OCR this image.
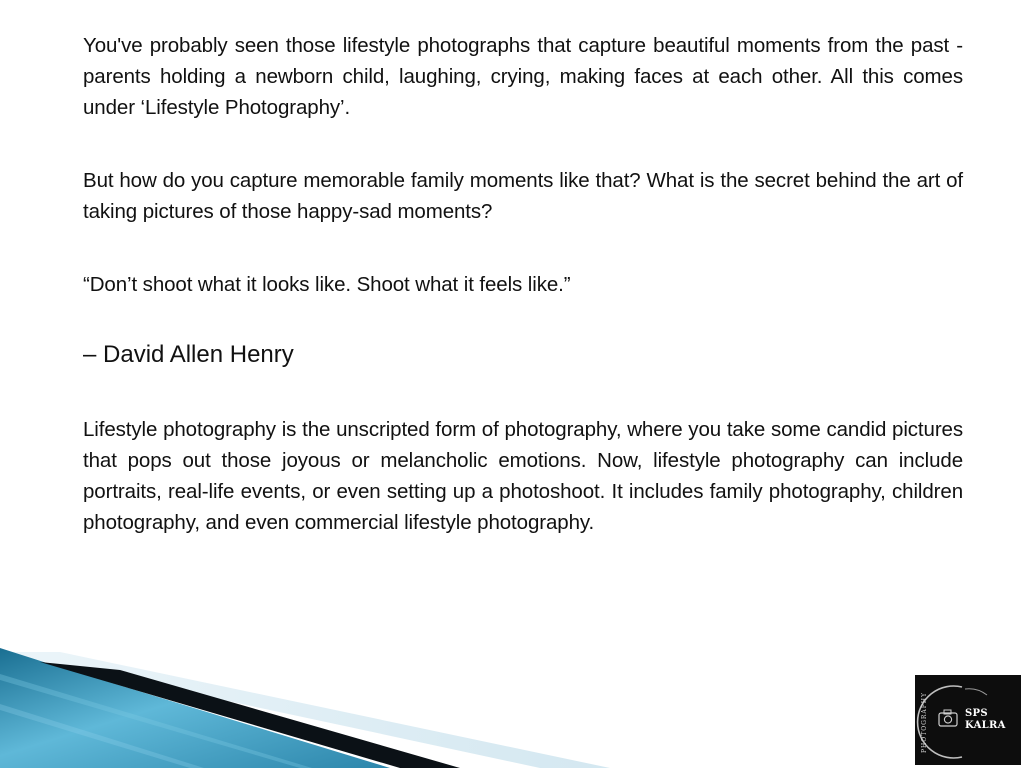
You've probably seen those lifestyle photographs that capture beautiful moments from the past - parents holding a newborn child, laughing, crying, making faces at each other. All this comes under ‘Lifestyle Photography’.

But how do you capture memorable family moments like that? What is the secret behind the art of taking pictures of those happy-sad moments?

“Don’t shoot what it looks like. Shoot what it feels like.”

– David Allen Henry

Lifestyle photography is the unscripted form of photography, where you take some candid pictures that pops out those joyous or melancholic emotions. Now, lifestyle photography can include portraits, real-life events, or even setting up a photoshoot. It includes family photography, children photography, and even commercial lifestyle photography.

PHOTOGRAPHY	SPS
KALRA
